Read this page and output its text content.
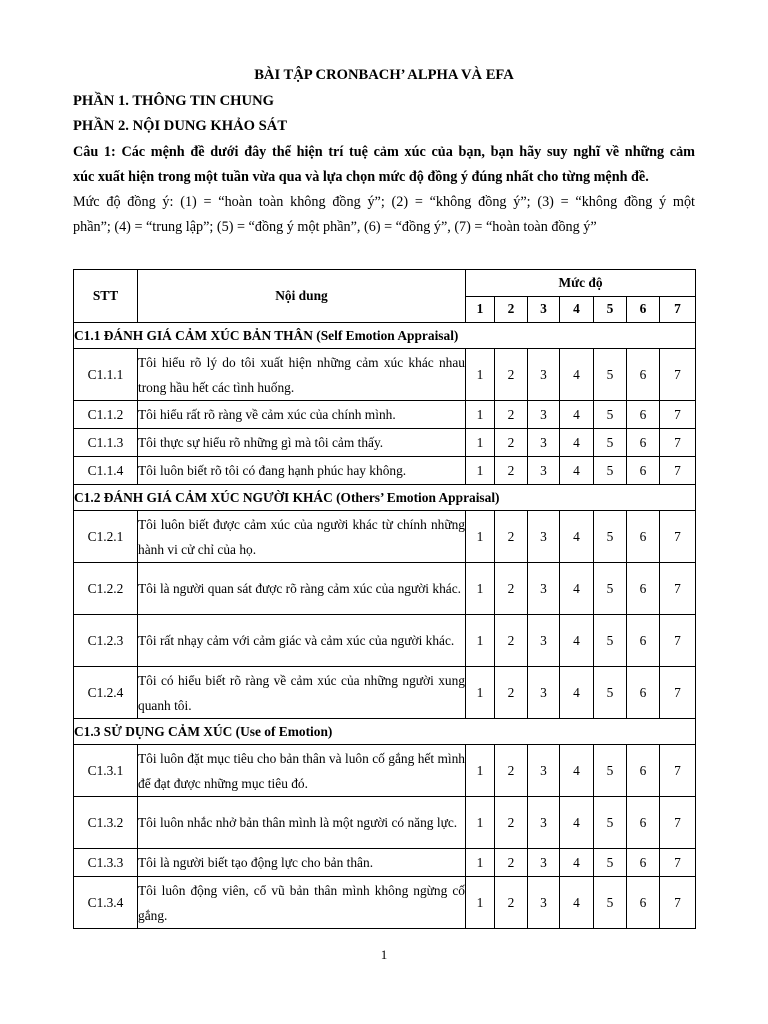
BÀI TẬP CRONBACH’ ALPHA VÀ EFA
PHẦN 1. THÔNG TIN CHUNG
PHẦN 2. NỘI DUNG KHẢO SÁT
Câu 1: Các mệnh đề dưới đây thể hiện trí tuệ cảm xúc của bạn, bạn hãy suy nghĩ về những cảm
xúc xuất hiện trong một tuần vừa qua và lựa chọn mức độ đồng ý đúng nhất cho từng mệnh đề.
Mức độ đồng ý: (1) = “hoàn toàn không đồng ý”; (2) = “không đồng ý”; (3) = “không đồng ý một
phần”; (4) = “trung lập”; (5) = “đồng ý một phần”, (6) = “đồng ý”, (7) = “hoàn toàn đồng ý”
STT	Nội dung	Mức độ						
		1	2	3	4	5	6	7
C1.1 ĐÁNH GIÁ CẢM XÚC BẢN THÂN (Self Emotion Appraisal)								
C1.1.1	Tôi hiểu rõ lý do tôi xuất hiện những cảm xúc khác nhau trong hầu hết các tình huống.	1	2	3	4	5	6	7
C1.1.2	Tôi hiểu rất rõ ràng về cảm xúc của chính mình.	1	2	3	4	5	6	7
C1.1.3	Tôi thực sự hiểu rõ những gì mà tôi cảm thấy.	1	2	3	4	5	6	7
C1.1.4	Tôi luôn biết rõ tôi có đang hạnh phúc hay không.	1	2	3	4	5	6	7
C1.2 ĐÁNH GIÁ CẢM XÚC NGƯỜI KHÁC (Others’ Emotion Appraisal)								
C1.2.1	Tôi luôn biết được cảm xúc của người khác từ chính những hành vi cử chỉ của họ.	1	2	3	4	5	6	7
C1.2.2	Tôi là người quan sát được rõ ràng cảm xúc của người khác.	1	2	3	4	5	6	7
C1.2.3	Tôi rất nhạy cảm với cảm giác và cảm xúc của người khác.	1	2	3	4	5	6	7
C1.2.4	Tôi có hiểu biết rõ ràng về cảm xúc của những người xung quanh tôi.	1	2	3	4	5	6	7
C1.3 SỬ DỤNG CẢM XÚC (Use of Emotion)								
C1.3.1	Tôi luôn đặt mục tiêu cho bản thân và luôn cố gắng hết mình để đạt được những mục tiêu đó.	1	2	3	4	5	6	7
C1.3.2	Tôi luôn nhắc nhở bản thân mình là một người có năng lực.	1	2	3	4	5	6	7
C1.3.3	Tôi là người biết tạo động lực cho bản thân.	1	2	3	4	5	6	7
C1.3.4	Tôi luôn động viên, cổ vũ bản thân mình không ngừng cố gắng.	1	2	3	4	5	6	7
1
